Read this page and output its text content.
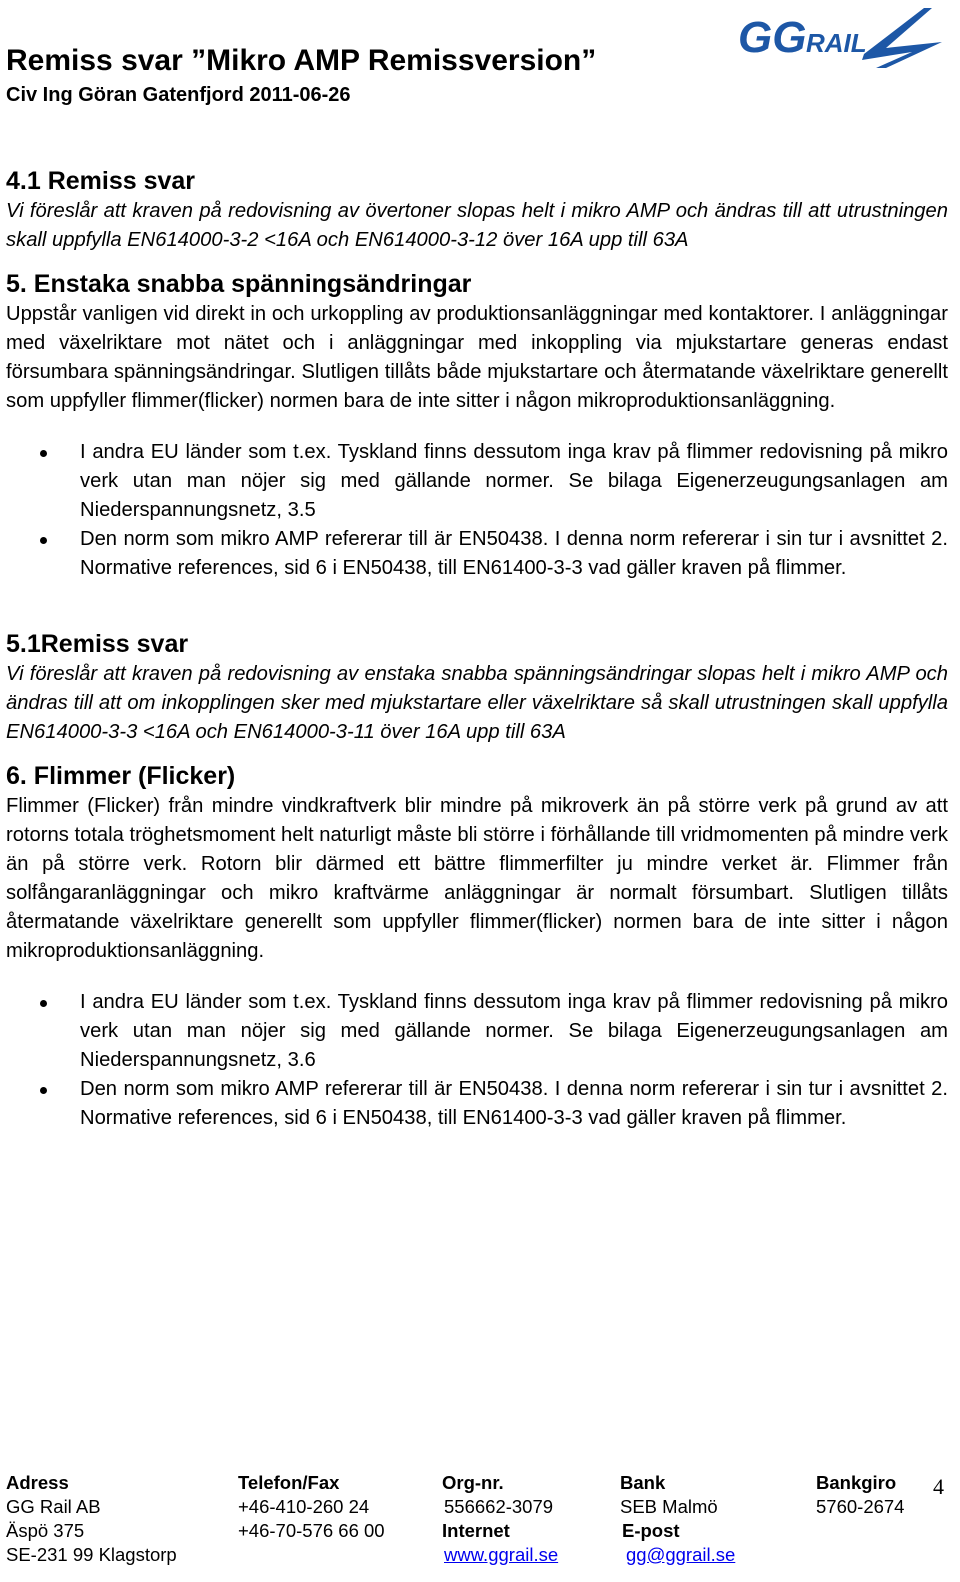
Remiss svar ”Mikro AMP Remissversion”
Civ Ing Göran Gatenfjord 2011-06-26
GG RAIL
4.1 Remiss svar

Vi föreslår att kraven på redovisning av övertoner slopas helt i mikro AMP och ändras till att utrustningen skall uppfylla EN614000-3-2 <16A och EN614000-3-12 över 16A upp till 63A

5. Enstaka snabba spänningsändringar

Uppstår vanligen vid direkt in och urkoppling av produktionsanläggningar med kontaktorer. I anläggningar med växelriktare mot nätet och i anläggningar med inkoppling via mjukstartare generas endast försumbara spänningsändringar. Slutligen tillåts både mjukstartare och återmatande växelriktare generellt som uppfyller flimmer(flicker) normen bara de inte sitter i någon mikroproduktionsanläggning.

I andra EU länder som t.ex. Tyskland finns dessutom inga krav på flimmer redovisning på mikro verk utan man nöjer sig med gällande normer. Se bilaga Eigenerzeugungsanlagen am Niederspannungsnetz, 3.5
Den norm som mikro AMP refererar till är EN50438. I denna norm refererar i sin tur i avsnittet 2. Normative references, sid 6 i EN50438, till EN61400-3-3 vad gäller kraven på flimmer.
5.1Remiss svar

Vi föreslår att kraven på redovisning av enstaka snabba spänningsändringar slopas helt i mikro AMP och ändras till att om inkopplingen sker med mjukstartare eller växelriktare så skall utrustningen skall uppfylla EN614000-3-3 <16A och EN614000-3-11 över 16A upp till 63A

6. Flimmer (Flicker)

Flimmer (Flicker) från mindre vindkraftverk blir mindre på mikroverk än på större verk på grund av att rotorns totala tröghetsmoment helt naturligt måste bli större i förhållande till vridmomenten på mindre verk än på större verk. Rotorn blir därmed ett bättre flimmerfilter ju mindre verket är. Flimmer från solfångaranläggningar och mikro kraftvärme anläggningar är normalt försumbart. Slutligen tillåts återmatande växelriktare generellt som uppfyller flimmer(flicker) normen bara de inte sitter i någon mikroproduktionsanläggning.

I andra EU länder som t.ex. Tyskland finns dessutom inga krav på flimmer redovisning på mikro verk utan man nöjer sig med gällande normer. Se bilaga Eigenerzeugungsanlagen am Niederspannungsnetz, 3.6
Den norm som mikro AMP refererar till är EN50438. I denna norm refererar i sin tur i avsnittet 2. Normative references, sid 6 i EN50438, till EN61400-3-3 vad gäller kraven på flimmer.
Adress
GG Rail AB
Äspö 375
SE-231 99 Klagstorp
Telefon/Fax
+46-410-260 24
+46-70-576 66 00
Org-nr.
556662-3079
Internet
www.ggrail.se
Bank
SEB Malmö
E-post
gg@ggrail.se
Bankgiro
5760-2674
4
